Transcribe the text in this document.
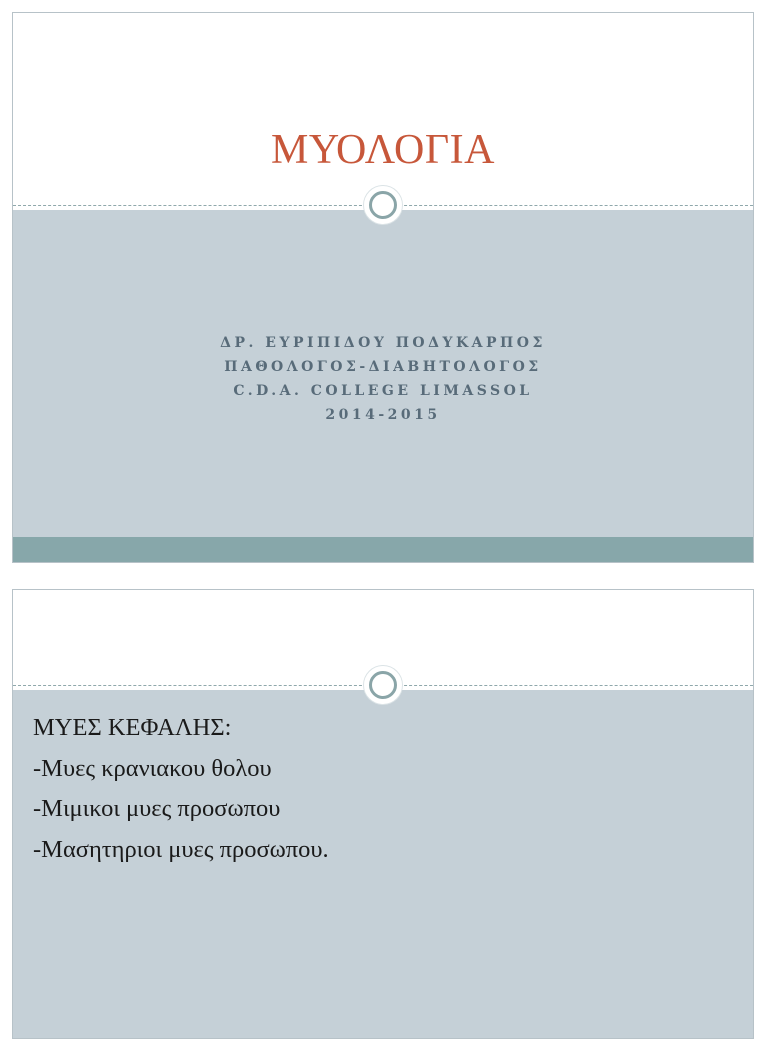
ΜΥΟΛΟΓΙΑ
ΔΡ. ΕΥΡΙΠΙΔΟΥ ΠΟΔΥΚΑΡΠΟΣ
ΠΑΘΟΛΟΓΟΣ-ΔΙΑΒΗΤΟΛΟΓΟΣ
C.D.A. COLLEGE LIMASSOL
2014-2015
ΜΥΕΣ ΚΕΦΑΛΗΣ:
-Μυες κρανιακου θολου
-Μιμικοι μυες προσωπου
-Μασητηριοι μυες προσωπου.
